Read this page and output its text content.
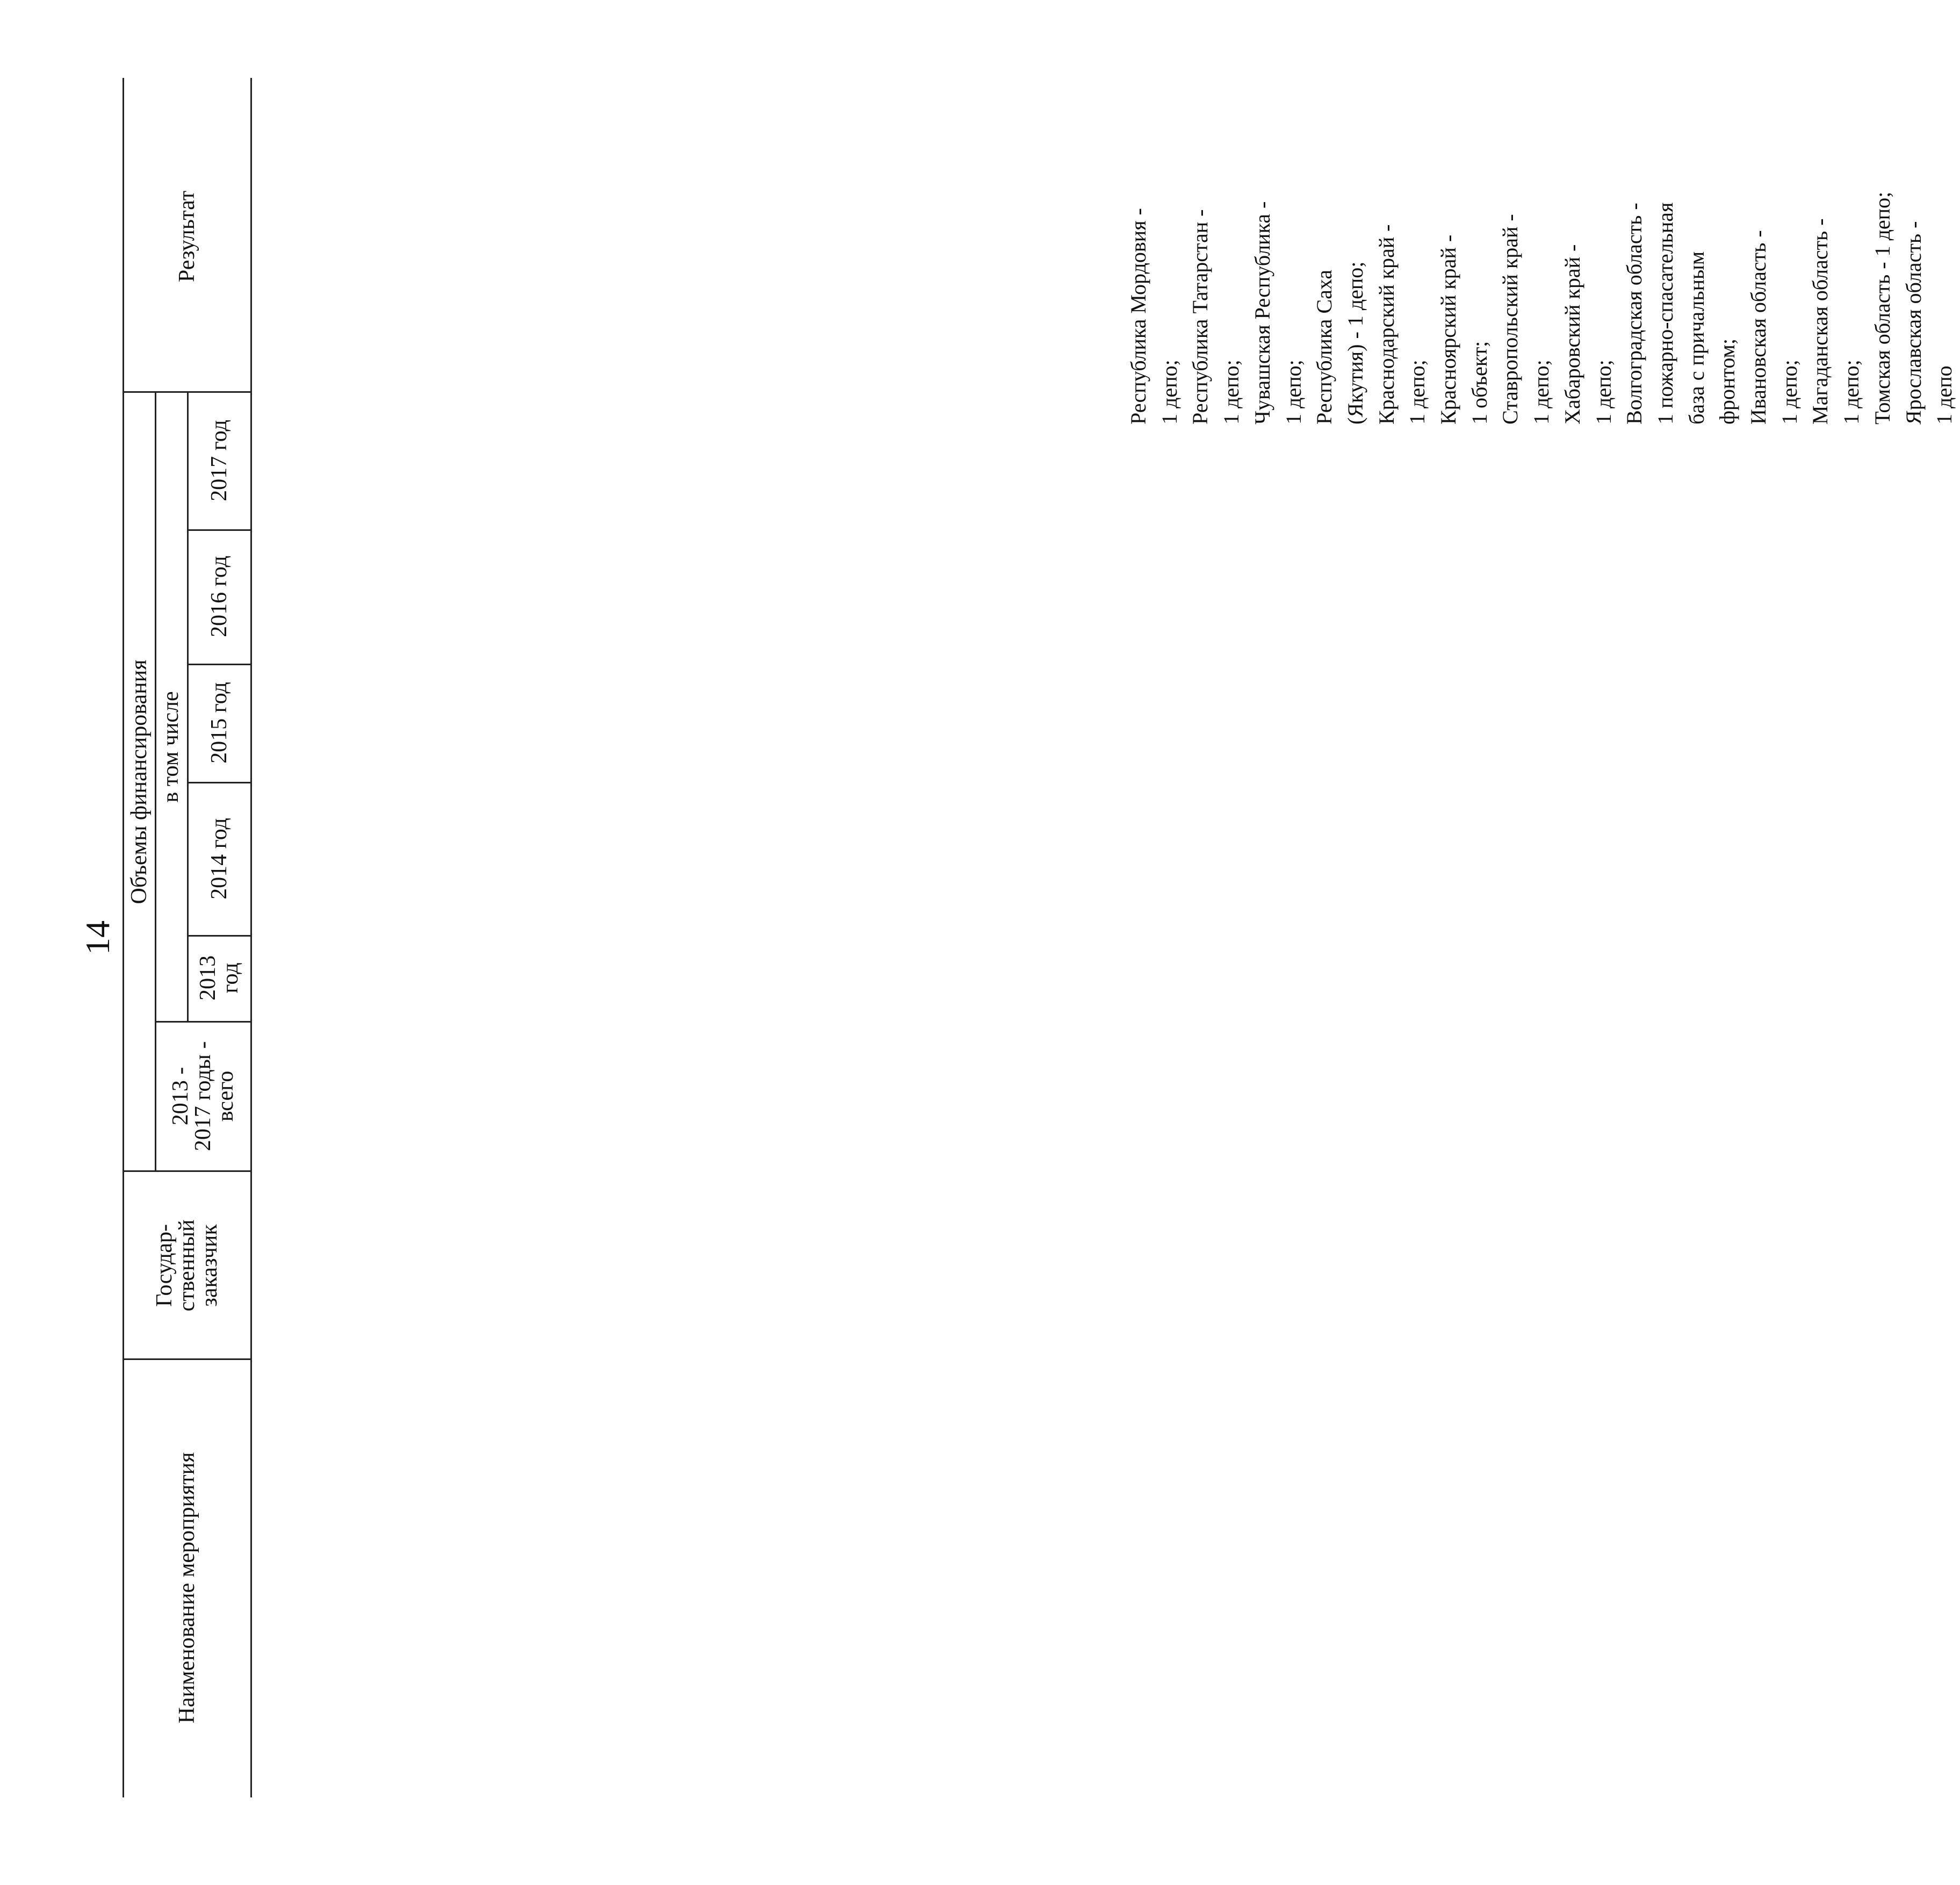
14
Наименование мероприятия
Государ-
ственный
заказчик
Объемы финансирования
2013 -
2017 годы -
всего
в том числе
2013
год
2014 год
2015 год
2016 год
2017 год
Результат	Республика Мордовия - 1 депо; Республика Татарстан - 1 депо; Чувашская Республика - 1 депо; Республика Саха (Якутия) - 1 депо; Краснодарский край - 1 депо; Красноярский край - 1 объект; Ставропольский край - 1 депо; Хабаровский край - 1 депо; Волгоградская область - 1 пожарно-спасательная база с причальным фронтом; Ивановская область - 1 депо; Магаданская область - 1 депо; Томская область - 1 депо; Ярославская область - 1 депо
